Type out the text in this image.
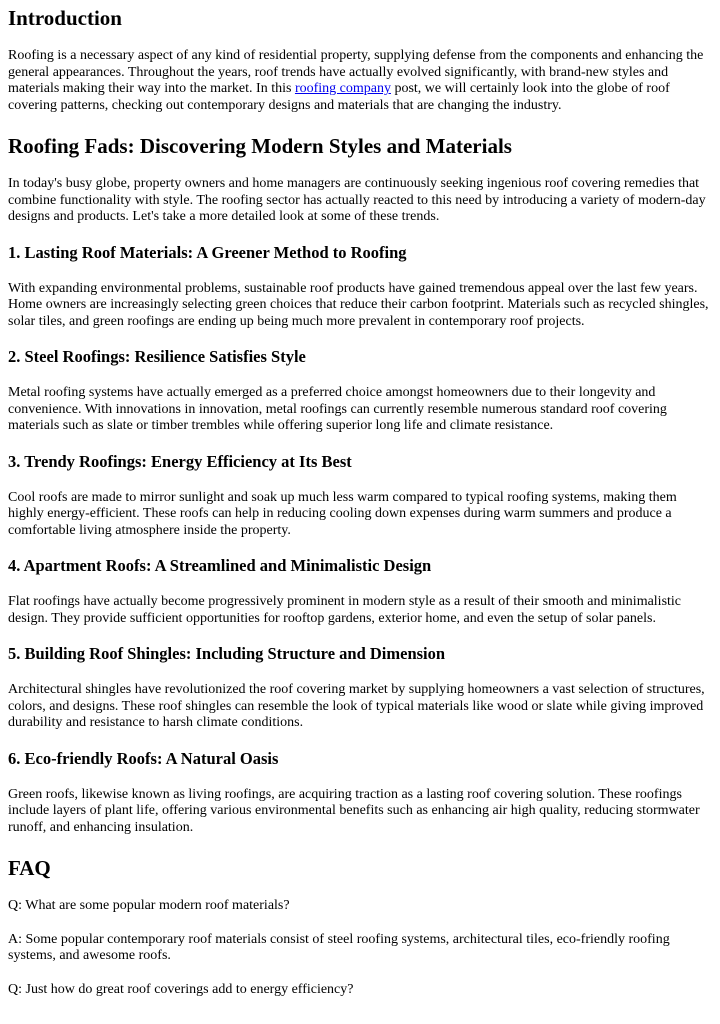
Introduction

Roofing is a necessary aspect of any kind of residential property, supplying defense from the components and enhancing the general appearances. Throughout the years, roof trends have actually evolved significantly, with brand-new styles and materials making their way into the market. In this roofing company post, we will certainly look into the globe of roof covering patterns, checking out contemporary designs and materials that are changing the industry.

Roofing Fads: Discovering Modern Styles and Materials

In today's busy globe, property owners and home managers are continuously seeking ingenious roof covering remedies that combine functionality with style. The roofing sector has actually reacted to this need by introducing a variety of modern-day designs and products. Let's take a more detailed look at some of these trends.

1. Lasting Roof Materials: A Greener Method to Roofing

With expanding environmental problems, sustainable roof products have gained tremendous appeal over the last few years. Home owners are increasingly selecting green choices that reduce their carbon footprint. Materials such as recycled shingles, solar tiles, and green roofings are ending up being much more prevalent in contemporary roof projects.

2. Steel Roofings: Resilience Satisfies Style

Metal roofing systems have actually emerged as a preferred choice amongst homeowners due to their longevity and convenience. With innovations in innovation, metal roofings can currently resemble numerous standard roof covering materials such as slate or timber trembles while offering superior long life and climate resistance.

3. Trendy Roofings: Energy Efficiency at Its Best

Cool roofs are made to mirror sunlight and soak up much less warm compared to typical roofing systems, making them highly energy-efficient. These roofs can help in reducing cooling down expenses during warm summers and produce a comfortable living atmosphere inside the property.

4. Apartment Roofs: A Streamlined and Minimalistic Design

Flat roofings have actually become progressively prominent in modern style as a result of their smooth and minimalistic design. They provide sufficient opportunities for rooftop gardens, exterior home, and even the setup of solar panels.

5. Building Roof Shingles: Including Structure and Dimension

Architectural shingles have revolutionized the roof covering market by supplying homeowners a vast selection of structures, colors, and designs. These roof shingles can resemble the look of typical materials like wood or slate while giving improved durability and resistance to harsh climate conditions.

6. Eco-friendly Roofs: A Natural Oasis

Green roofs, likewise known as living roofings, are acquiring traction as a lasting roof covering solution. These roofings include layers of plant life, offering various environmental benefits such as enhancing air high quality, reducing stormwater runoff, and enhancing insulation.

FAQ

Q: What are some popular modern roof materials?

A: Some popular contemporary roof materials consist of steel roofing systems, architectural tiles, eco-friendly roofing systems, and awesome roofs.

Q: Just how do great roof coverings add to energy efficiency?
